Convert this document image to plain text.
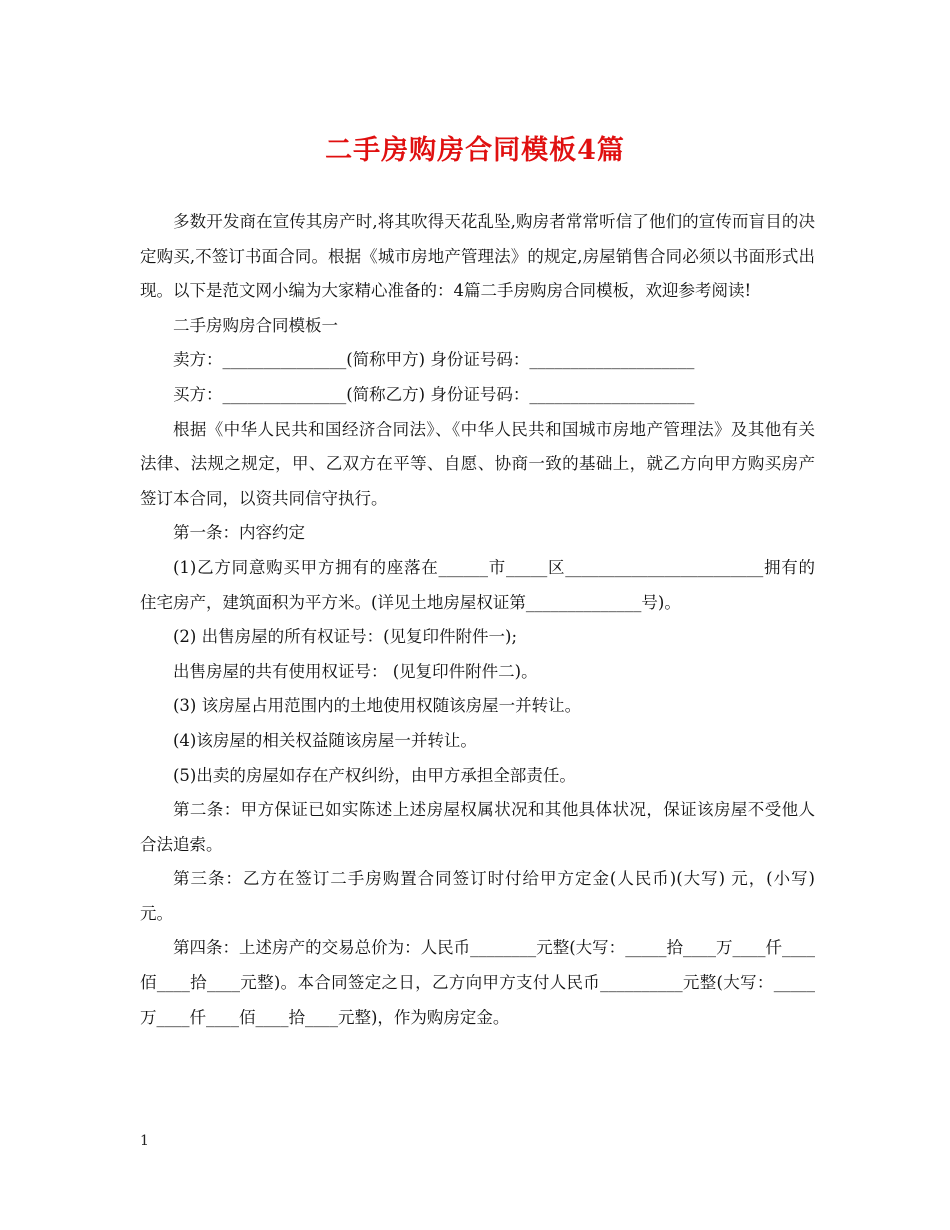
二手房购房合同模板4篇

多数开发商在宣传其房产时,将其吹得天花乱坠,购房者常常听信了他们的宣传而盲目的决定购买,不签订书面合同。根据《城市房地产管理法》的规定,房屋销售合同必须以书面形式出现。以下是范文网小编为大家精心准备的：4篇二手房购房合同模板，欢迎参考阅读!

二手房购房合同模板一

卖方：_______________(简称甲方) 身份证号码：____________________

买方：_______________(简称乙方) 身份证号码：____________________

根据《中华人民共和国经济合同法》、《中华人民共和国城市房地产管理法》及其他有关法律、法规之规定，甲、乙双方在平等、自愿、协商一致的基础上，就乙方向甲方购买房产签订本合同，以资共同信守执行。

第一条：内容约定

(1)乙方同意购买甲方拥有的座落在______市_____区________________________拥有的住宅房产，建筑面积为平方米。(详见土地房屋权证第______________号)。

(2) 出售房屋的所有权证号：(见复印件附件一);

出售房屋的共有使用权证号： (见复印件附件二)。

(3) 该房屋占用范围内的土地使用权随该房屋一并转让。

(4)该房屋的相关权益随该房屋一并转让。

(5)出卖的房屋如存在产权纠纷，由甲方承担全部责任。

第二条：甲方保证已如实陈述上述房屋权属状况和其他具体状况，保证该房屋不受他人合法追索。

第三条：乙方在签订二手房购置合同签订时付给甲方定金(人民币)(大写) 元，(小写) 元。

第四条：上述房产的交易总价为：人民币________元整(大写：_____拾____万____仟____佰____拾____元整)。本合同签定之日，乙方向甲方支付人民币__________元整(大写：_____万____仟____佰____拾____元整)，作为购房定金。

1
